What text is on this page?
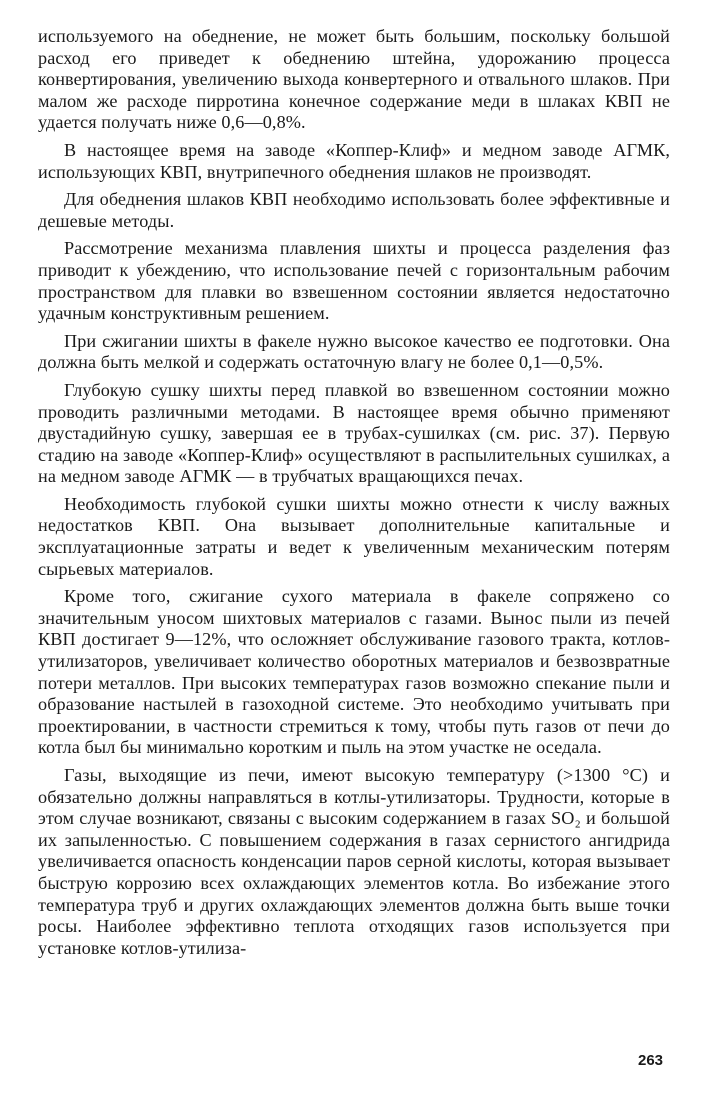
используемого на обеднение, не может быть большим, поскольку большой расход его приведет к обеднению штейна, удорожанию процесса конвертирования, увеличению выхода конвертерного и отвального шлаков. При малом же расходе пирротина конечное содержание меди в шлаках КВП не удается получать ниже 0,6—0,8%.

В настоящее время на заводе «Коппер-Клиф» и медном заводе АГМК, использующих КВП, внутрипечного обеднения шлаков не производят.

Для обеднения шлаков КВП необходимо использовать более эффективные и дешевые методы.

Рассмотрение механизма плавления шихты и процесса разделения фаз приводит к убеждению, что использование печей с горизонтальным рабочим пространством для плавки во взвешенном состоянии является недостаточно удачным конструктивным решением.

При сжигании шихты в факеле нужно высокое качество ее подготовки. Она должна быть мелкой и содержать остаточную влагу не более 0,1—0,5%.

Глубокую сушку шихты перед плавкой во взвешенном состоянии можно проводить различными методами. В настоящее время обычно применяют двустадийную сушку, завершая ее в трубах-сушилках (см. рис. 37). Первую стадию на заводе «Коппер-Клиф» осуществляют в распылительных сушилках, а на медном заводе АГМК — в трубчатых вращающихся печах.

Необходимость глубокой сушки шихты можно отнести к числу важных недостатков КВП. Она вызывает дополнительные капитальные и эксплуатационные затраты и ведет к увеличенным механическим потерям сырьевых материалов.

Кроме того, сжигание сухого материала в факеле сопряжено со значительным уносом шихтовых материалов с газами. Вынос пыли из печей КВП достигает 9—12%, что осложняет обслуживание газового тракта, котлов-утилизаторов, увеличивает количество оборотных материалов и безвозвратные потери металлов. При высоких температурах газов возможно спекание пыли и образование настылей в газоходной системе. Это необходимо учитывать при проектировании, в частности стремиться к тому, чтобы путь газов от печи до котла был бы минимально коротким и пыль на этом участке не оседала.

Газы, выходящие из печи, имеют высокую температуру (>1300 °С) и обязательно должны направляться в котлы-утилизаторы. Трудности, которые в этом случае возникают, связаны с высоким содержанием в газах SO₂ и большой их запыленностью. С повышением содержания в газах сернистого ангидрида увеличивается опасность конденсации паров серной кислоты, которая вызывает быструю коррозию всех охлаждающих элементов котла. Во избежание этого температура труб и других охлаждающих элементов должна быть выше точки росы. Наиболее эффективно теплота отходящих газов используется при установке котлов-утилиза-

263
